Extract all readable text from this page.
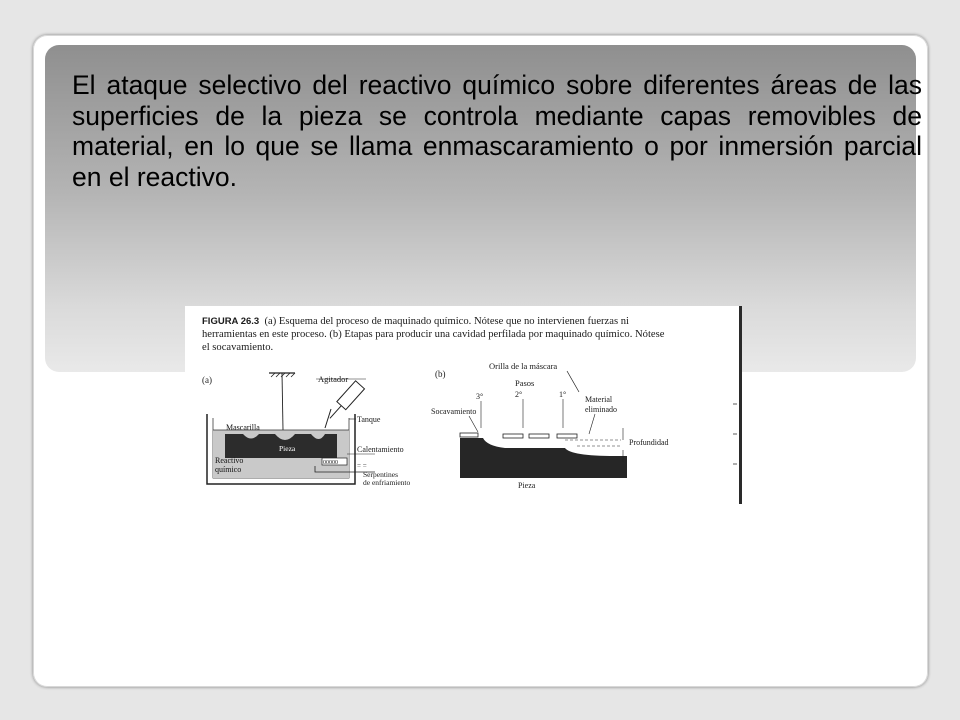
El ataque selectivo del reactivo químico sobre diferentes áreas de las superficies de la pieza se controla mediante capas removibles de material, en lo que se llama enmascaramiento o por inmersión parcial en el reactivo.

FIGURA 26.3 (a) Esquema del proceso de maquinado químico. Nótese que no intervienen fuerzas ni
herramientas en este proceso. (b) Etapas para producir una cavidad perfilada por maquinado químico. Nótese
el socavamiento.
(a)	Agitador
Tanque
Mascarilla
Pieza
00000
Calentamiento
= =
Reactivo
químico
Serpentines
de enfriamiento
(b)
Orilla de la máscara
Pasos
3°	2°	1°
Socavamiento
Material
eliminado
Profundidad
Pieza
